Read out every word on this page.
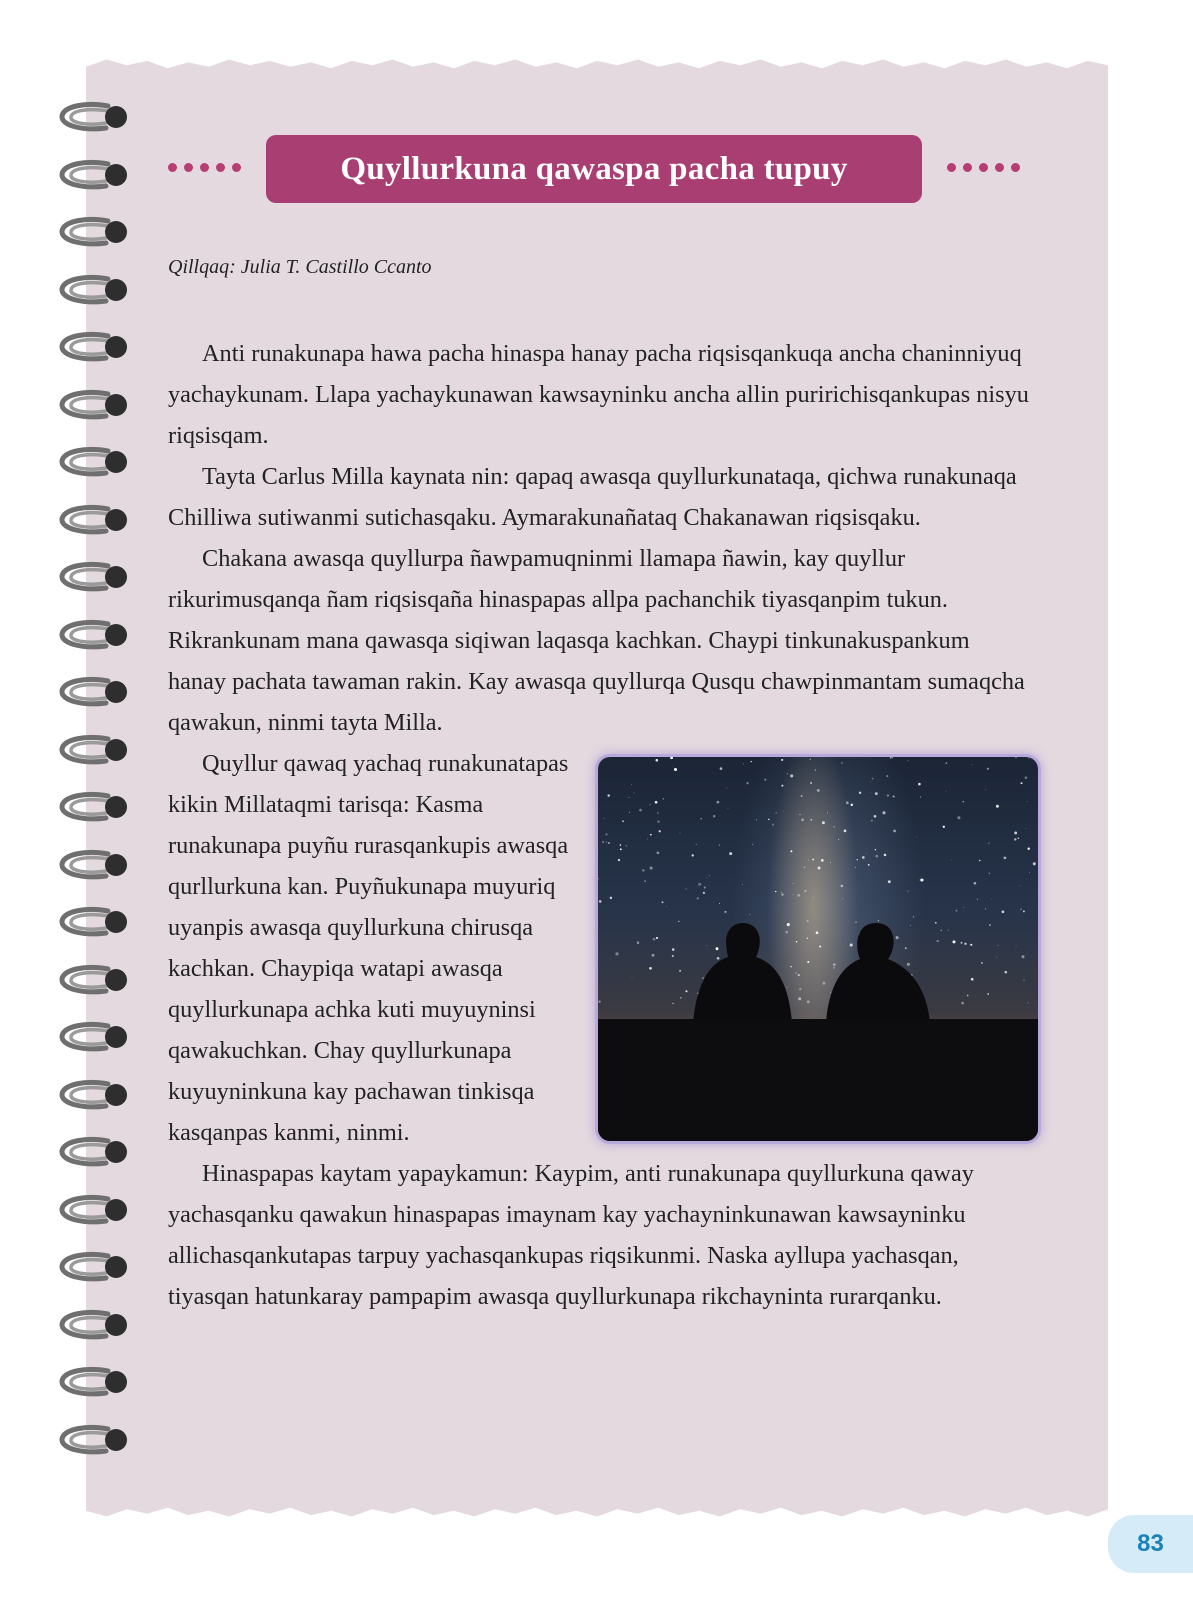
Quyllurkuna qawaspa pacha tupuy
Qillqaq: Julia T. Castillo Ccanto

Anti runakunapa hawa pacha hinaspa hanay pacha riqsisqankuqa ancha chaninniyuq yachaykunam. Llapa yachaykunawan kawsayninku ancha allin puririchisqankupas nisyu riqsisqam.

Tayta Carlus Milla kaynata nin: qapaq awasqa quyllurkunataqa, qichwa runakunaqa Chilliwa sutiwanmi sutichasqaku. Aymarakunañataq Chakanawan riqsisqaku.

Chakana awasqa quyllurpa ñawpamuqninmi llamapa ñawin, kay quyllur rikurimusqanqa ñam riqsisqaña hinaspapas allpa pachanchik tiyasqanpim tukun. Rikrankunam mana qawasqa siqiwan laqasqa kachkan. Chaypi tinkunakuspankum hanay pachata tawaman rakin. Kay awasqa quyllurqa Qusqu chawpinmantam sumaqcha qawakun, ninmi tayta Milla.

Quyllur qawaq yachaq runakunatapas kikin Millataqmi tarisqa: Kasma runakunapa puyñu rurasqankupis awasqa qurllurkuna kan. Puyñukunapa muyuriq uyanpis awasqa quyllurkuna chirusqa kachkan. Chaypiqa watapi awasqa quyllurkunapa achka kuti muyuyninsi qawakuchkan. Chay quyllurkunapa kuyuyninkuna kay pachawan tinkisqa kasqanpas kanmi, ninmi.

Hinaspapas kaytam yapaykamun: Kaypim, anti runakunapa quyllurkuna qaway yachasqanku qawakun hinaspapas imaynam kay yachayninkunawan kawsayninku allichasqankutapas tarpuy yachasqankupas riqsikunmi. Naska ayllupa yachasqan, tiyasqan hatunkaray pampapim awasqa quyllurkunapa rikchayninta rurarqanku.

83
